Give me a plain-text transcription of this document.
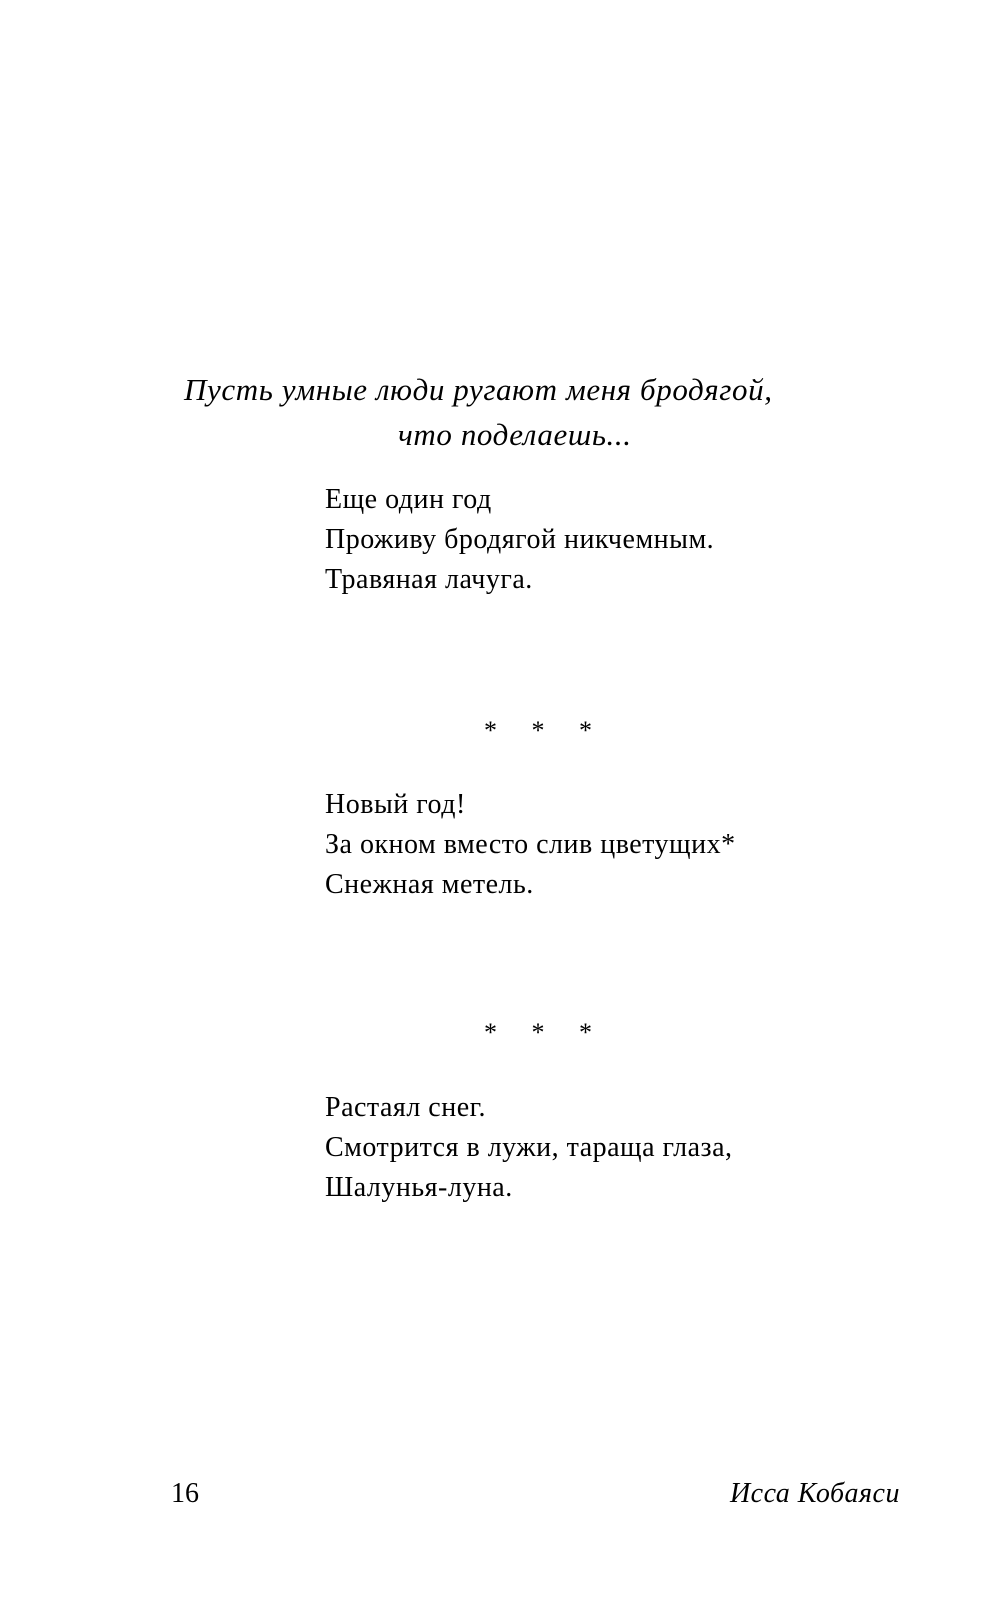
Пусть умные люди ругают меня бродягой,
что поделаешь...
Еще один год
Проживу бродягой никчемным.
Травяная лачуга.
* * *
Новый год!
За окном вместо слив цветущих*
Снежная метель.
* * *
Растаял снег.
Смотрится в лужи, тараща глаза,
Шалунья-луна.
16	Исса Кобаяси
